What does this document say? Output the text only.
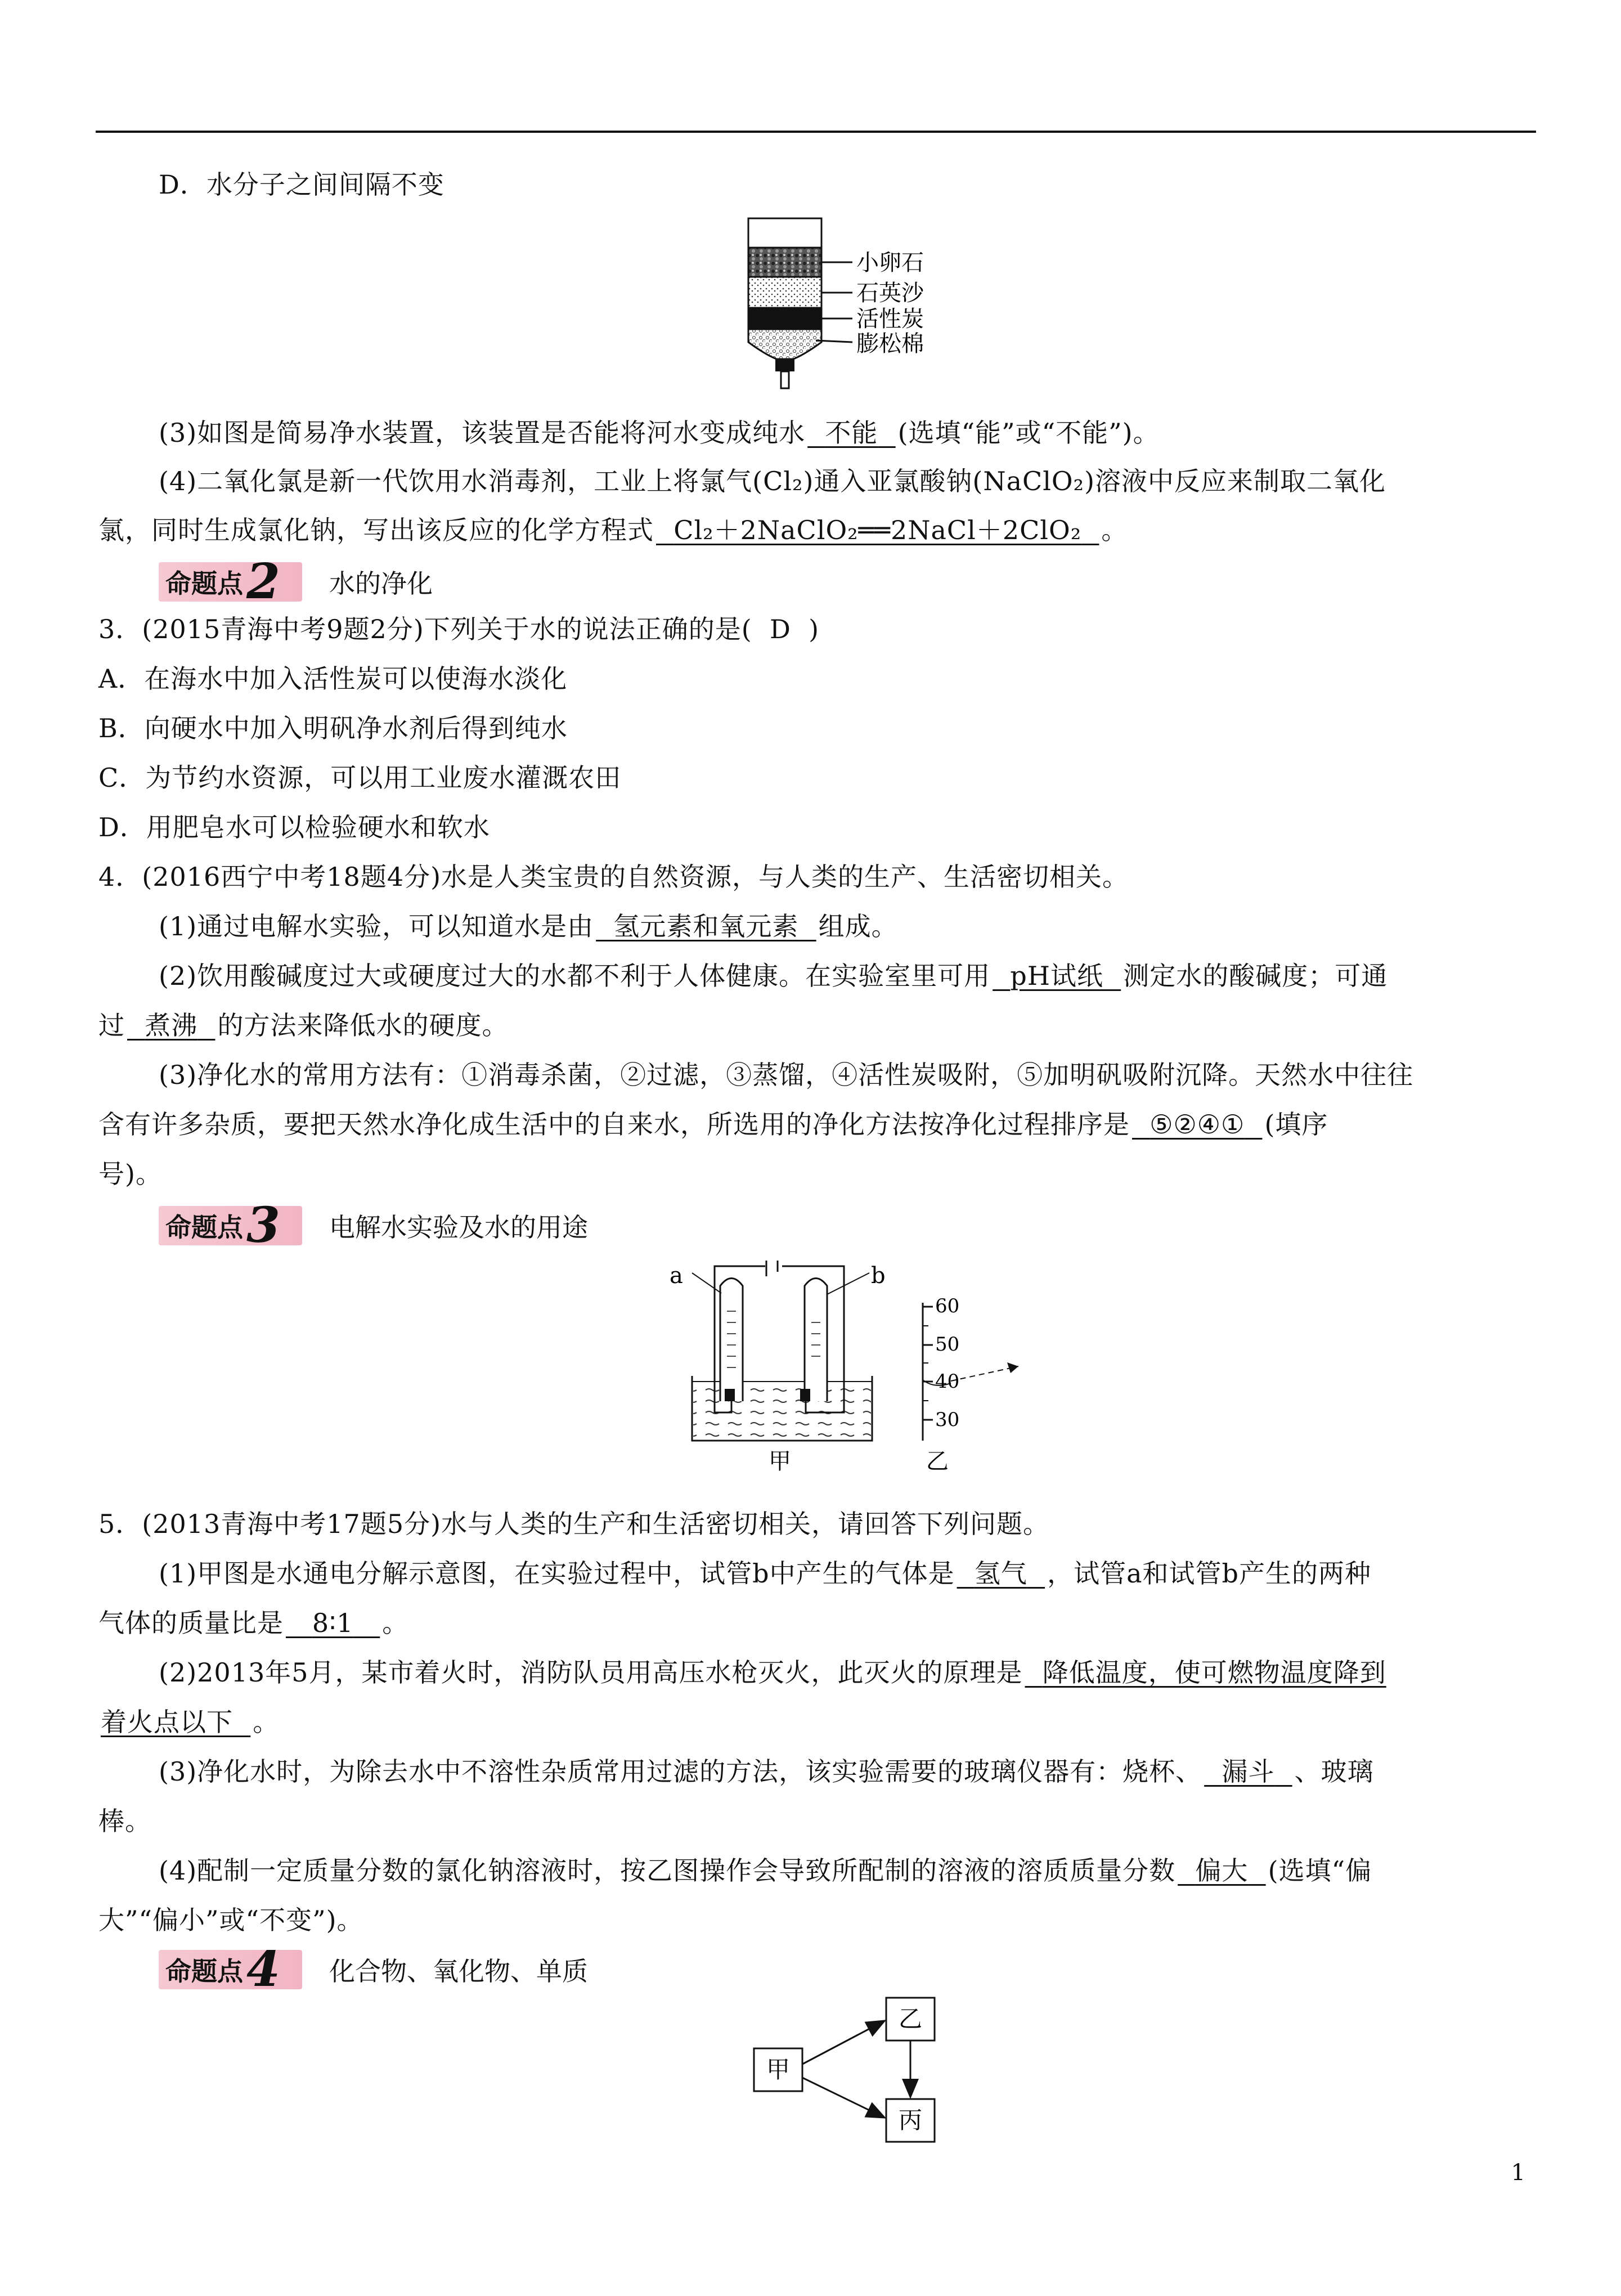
D．水分子之间间隔不变
小卵石
石英沙
活性炭
膨松棉
(3)如图是简易净水装置，该装置是否能将河水变成纯水 不能 (选填“能”或“不能”)。
(4)二氧化氯是新一代饮用水消毒剂，工业上将氯气(Cl₂)通入亚氯酸钠(NaClO₂)溶液中反应来制取二氧化
氯，同时生成氯化钠，写出该反应的化学方程式 Cl₂＋2NaClO₂══2NaCl＋2ClO₂ 。
命题点 2 水的净化
3．(2015青海中考9题2分)下列关于水的说法正确的是( D )
A．在海水中加入活性炭可以使海水淡化
B．向硬水中加入明矾净水剂后得到纯水
C．为节约水资源，可以用工业废水灌溉农田
D．用肥皂水可以检验硬水和软水
4．(2016西宁中考18题4分)水是人类宝贵的自然资源，与人类的生产、生活密切相关。
(1)通过电解水实验，可以知道水是由 氢元素和氧元素 组成。
(2)饮用酸碱度过大或硬度过大的水都不利于人体健康。在实验室里可用 pH试纸 测定水的酸碱度；可通
过 煮沸 的方法来降低水的硬度。
(3)净化水的常用方法有：①消毒杀菌，②过滤，③蒸馏，④活性炭吸附，⑤加明矾吸附沉降。天然水中往往
含有许多杂质，要把天然水净化成生活中的自来水，所选用的净化方法按净化过程排序是 ⑤②④① (填序
号)。
命题点 3 电解水实验及水的用途
a	b
甲
60
50
40
30
乙
5．(2013青海中考17题5分)水与人类的生产和生活密切相关，请回答下列问题。
(1)甲图是水通电分解示意图，在实验过程中，试管b中产生的气体是 氢气 ，试管a和试管b产生的两种
气体的质量比是 8∶1 。
(2)2013年5月，某市着火时，消防队员用高压水枪灭火，此灭火的原理是 降低温度，使可燃物温度降到
着火点以下 。
(3)净化水时，为除去水中不溶性杂质常用过滤的方法，该实验需要的玻璃仪器有：烧杯、 漏斗 、玻璃
棒。
(4)配制一定质量分数的氯化钠溶液时，按乙图操作会导致所配制的溶液的溶质质量分数 偏大 (选填“偏
大”“偏小”或“不变”)。
命题点 4 化合物、氧化物、单质
甲
乙
丙
1
